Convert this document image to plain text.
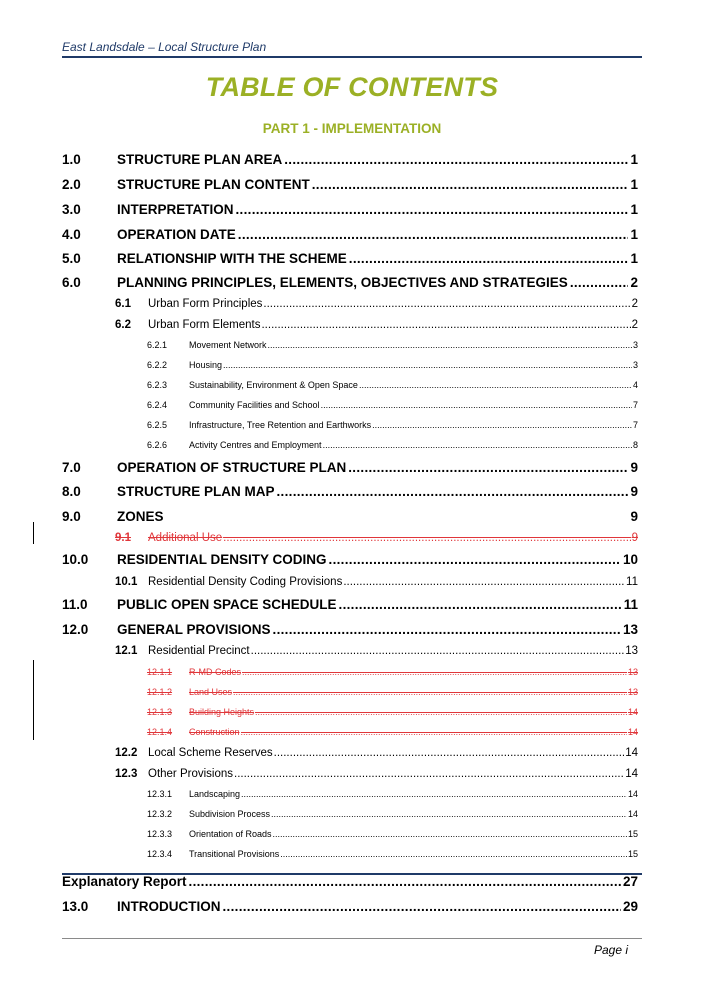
East Landsdale – Local Structure Plan
TABLE OF CONTENTS
PART 1 - IMPLEMENTATION
1.0	STRUCTURE PLAN AREA .....	1
2.0	STRUCTURE PLAN CONTENT .....	1
3.0	INTERPRETATION .....	1
4.0	OPERATION DATE .....	1
5.0	RELATIONSHIP WITH THE SCHEME .....	1
6.0	PLANNING PRINCIPLES, ELEMENTS, OBJECTIVES AND STRATEGIES .....	2
6.1	Urban Form Principles .....	2
6.2	Urban Form Elements .....	2
6.2.1	Movement Network .....	3
6.2.2	Housing .....	3
6.2.3	Sustainability, Environment & Open Space .....	4
6.2.4	Community Facilities and School .....	7
6.2.5	Infrastructure, Tree Retention and Earthworks .....	7
6.2.6	Activity Centres and Employment .....	8
7.0	OPERATION OF STRUCTURE PLAN .....	9
8.0	STRUCTURE PLAN MAP .....	9
9.0	ZONES	9
9.1	Additional Use .....	9
10.0	RESIDENTIAL DENSITY CODING .....	10
10.1 Residential Density Coding Provisions .....	11
11.0	PUBLIC OPEN SPACE SCHEDULE .....	11
12.0	GENERAL PROVISIONS .....	13
12.1 Residential Precinct .....	13
12.1.1	R-MD Codes .....	13
12.1.2	Land Uses .....	13
12.1.3	Building Heights .....	14
12.1.4	Construction .....	14
12.2 Local Scheme Reserves .....	14
12.3 Other Provisions .....	14
12.3.1	Landscaping .....	14
12.3.2	Subdivision Process .....	14
12.3.3	Orientation of Roads .....	15
12.3.4	Transitional Provisions .....	15
Explanatory Report .....	27
13.0	INTRODUCTION .....	29
Page i
